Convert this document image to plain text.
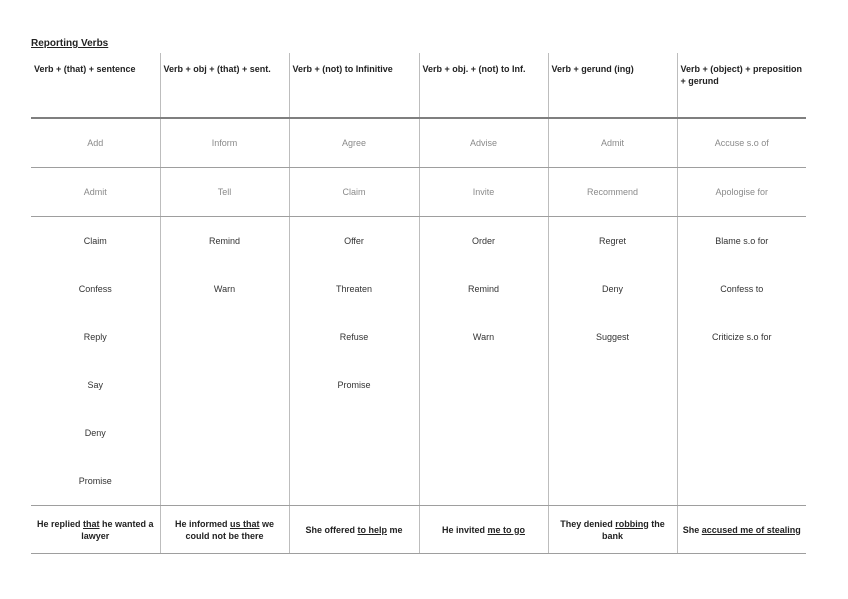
Reporting Verbs
Verb + (that) + sentence	Verb + obj + (that) + sent.	Verb + (not) to Infinitive	Verb + obj. + (not) to Inf.	Verb + gerund (ing)	Verb + (object) + preposition + gerund
Add	Inform	Agree	Advise	Admit	Accuse s.o of
Admit	Tell	Claim	Invite	Recommend	Apologise for
Claim	Remind	Offer	Order	Regret	Blame s.o for
Confess	Warn	Threaten	Remind	Deny	Confess to
Reply		Refuse	Warn	Suggest	Criticize s.o for
Say		Promise			
Deny					
Promise					
He replied that he wanted a lawyer	He informed us that we could not be there	She offered to help me	He invited me to go	They denied robbing the bank	She accused me of stealing
